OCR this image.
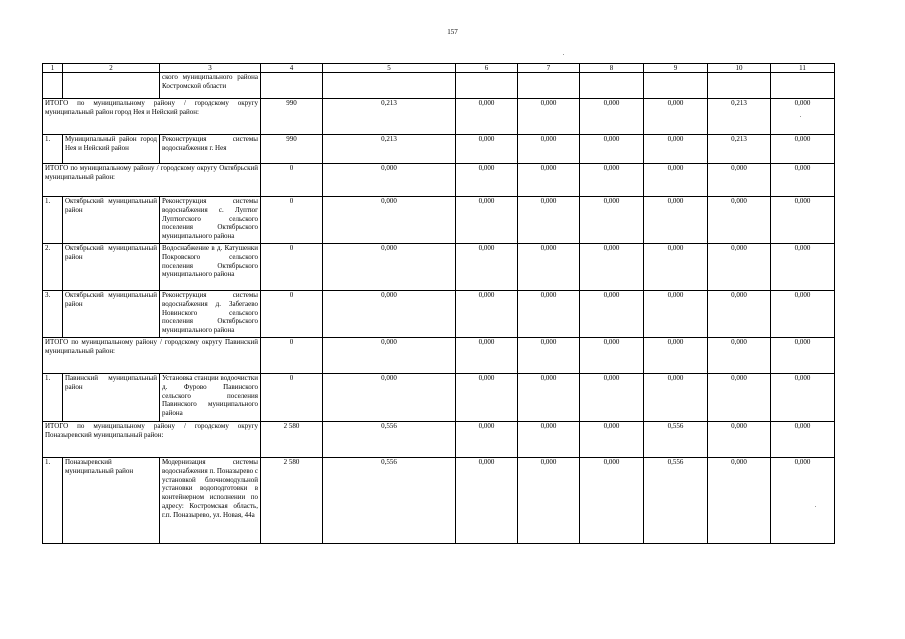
157
1	2	3	4	5	6	7	8	9	10	11
		ского муниципального района Костромской области								
ИТОГО по муниципальному району / городскому округу муниципальный район город Нея и Нейский район:			990	0,213	0,000	0,000	0,000	0,000	0,213	0,000
1.	Муниципальный район город Нея и Нейский район	Реконструкция системы водоснабжения г. Нея	990	0,213	0,000	0,000	0,000	0,000	0,213	0,000
ИТОГО по муниципальному району / городскому округу Октябрьский муниципальный район:			0	0,000	0,000	0,000	0,000	0,000	0,000	0,000
1.	Октябрьский муниципальный район	Реконструкция системы водоснабжения с. Луптюг Луптюгского сельского поселения Октябрьского муниципального района	0	0,000	0,000	0,000	0,000	0,000	0,000	0,000
2.	Октябрьский муниципальный район	Водоснабжение в д. Катушенки Покровского сельского поселения Октябрьского муниципального района	0	0,000	0,000	0,000	0,000	0,000	0,000	0,000
3.	Октябрьский муниципальный район	Реконструкция системы водоснабжения д. Забегаево Новинского сельского поселения Октябрьского муниципального района	0	0,000	0,000	0,000	0,000	0,000	0,000	0,000
ИТОГО по муниципальному району / городскому округу Павинский муниципальный район:			0	0,000	0,000	0,000	0,000	0,000	0,000	0,000
1.	Павинский муниципальный район	Установка станции водоочистки д. Фурово Павинского сельского поселения Павинского муниципального района	0	0,000	0,000	0,000	0,000	0,000	0,000	0,000
ИТОГО по муниципальному району / городскому округу Поназыревский муниципальный район:			2 580	0,556	0,000	0,000	0,000	0,556	0,000	0,000
1.	Поназыревский муниципальный район	Модернизация системы водоснабжения п. Поназырево с установкой блочномодульной установки водоподготовки в контейнерном исполнении по адресу: Костромская область, г.п. Поназырево, ул. Новая, 44а	2 580	0,556	0,000	0,000	0,000	0,556	0,000	0,000
